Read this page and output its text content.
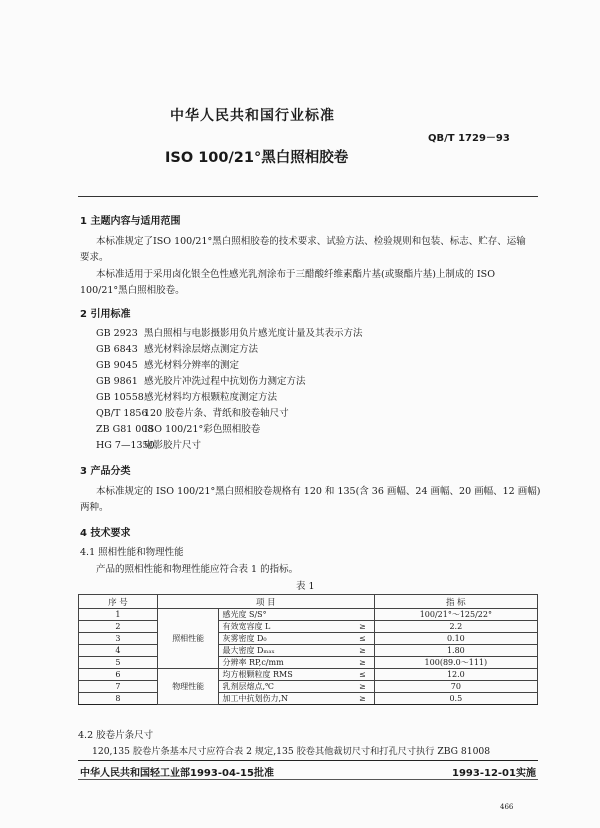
中华人民共和国行业标准
QB/T 1729－93
ISO 100/21°黑白照相胶卷
1 主题内容与适用范围
本标准规定了ISO 100/21°黑白照相胶卷的技术要求、试验方法、检验规则和包装、标志、贮存、运输
要求。
本标准适用于采用卤化银全色性感光乳剂涂布于三醋酸纤维素酯片基(或聚酯片基)上制成的 ISO
100/21°黑白照相胶卷。
2 引用标准
GB 2923 黑白照相与电影摄影用负片感光度计量及其表示方法
GB 6843 感光材料涂层熔点测定方法
GB 9045 感光材料分辨率的测定
GB 9861 感光胶片冲洗过程中抗划伤力测定方法
GB 10558感光材料均方根颗粒度测定方法
QB/T 1856120 胶卷片条、背纸和胶卷轴尺寸
ZB G81 008ISO 100/21°彩色照相胶卷
HG 7—1350电影胶片尺寸
3 产品分类
本标准规定的 ISO 100/21°黑白照相胶卷规格有 120 和 135(含 36 画幅、24 画幅、20 画幅、12 画幅)
两种。
4 技术要求
4.1 照相性能和物理性能
产品的照相性能和物理性能应符合表 1 的指标。
表 1
序 号	项 目			指 标
1	照相性能	感光度 S/S°		100/21°～125/22°
2		有效宽容度 L	≥	2.2
3		灰雾密度 D₀	≤	0.10
4		最大密度 Dₘₐₓ	≥	1.80
5		分辨率 RP,c/mm	≥	100(89.0～111)
6	物理性能	均方根颗粒度 RMS	≤	12.0
7		乳剂层熔点,℃	≥	70
8		加工中抗划伤力,N	≥	0.5
4.2 胶卷片条尺寸
120,135 胶卷片条基本尺寸应符合表 2 规定,135 胶卷其他裁切尺寸和打孔尺寸执行 ZBG 81008
中华人民共和国轻工业部1993-04-15批准	1993-12-01实施
466
